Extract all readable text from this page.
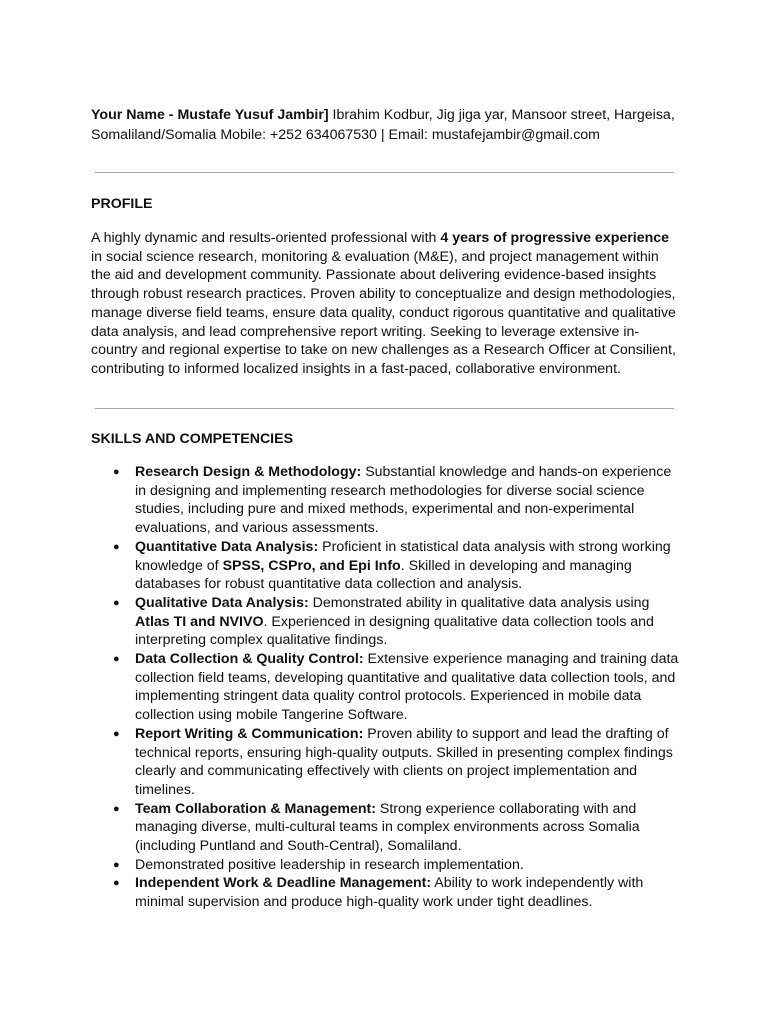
Your Name - Mustafe Yusuf Jambir] Ibrahim Kodbur, Jig jiga yar, Mansoor street, Hargeisa, Somaliland/Somalia Mobile: +252 634067530 | Email: mustafejambir@gmail.com
PROFILE
A highly dynamic and results-oriented professional with 4 years of progressive experience in social science research, monitoring & evaluation (M&E), and project management within the aid and development community. Passionate about delivering evidence-based insights through robust research practices. Proven ability to conceptualize and design methodologies, manage diverse field teams, ensure data quality, conduct rigorous quantitative and qualitative data analysis, and lead comprehensive report writing. Seeking to leverage extensive in-country and regional expertise to take on new challenges as a Research Officer at Consilient, contributing to informed localized insights in a fast-paced, collaborative environment.
SKILLS AND COMPETENCIES
● Research Design & Methodology: Substantial knowledge and hands-on experience in designing and implementing research methodologies for diverse social science studies, including pure and mixed methods, experimental and non-experimental evaluations, and various assessments.
● Quantitative Data Analysis: Proficient in statistical data analysis with strong working knowledge of SPSS, CSPro, and Epi Info. Skilled in developing and managing databases for robust quantitative data collection and analysis.
● Qualitative Data Analysis: Demonstrated ability in qualitative data analysis using Atlas TI and NVIVO. Experienced in designing qualitative data collection tools and interpreting complex qualitative findings.
● Data Collection & Quality Control: Extensive experience managing and training data collection field teams, developing quantitative and qualitative data collection tools, and implementing stringent data quality control protocols. Experienced in mobile data collection using mobile Tangerine Software.
● Report Writing & Communication: Proven ability to support and lead the drafting of technical reports, ensuring high-quality outputs. Skilled in presenting complex findings clearly and communicating effectively with clients on project implementation and timelines.
● Team Collaboration & Management: Strong experience collaborating with and managing diverse, multi-cultural teams in complex environments across Somalia (including Puntland and South-Central), Somaliland.
● Demonstrated positive leadership in research implementation.
● Independent Work & Deadline Management: Ability to work independently with minimal supervision and produce high-quality work under tight deadlines.
